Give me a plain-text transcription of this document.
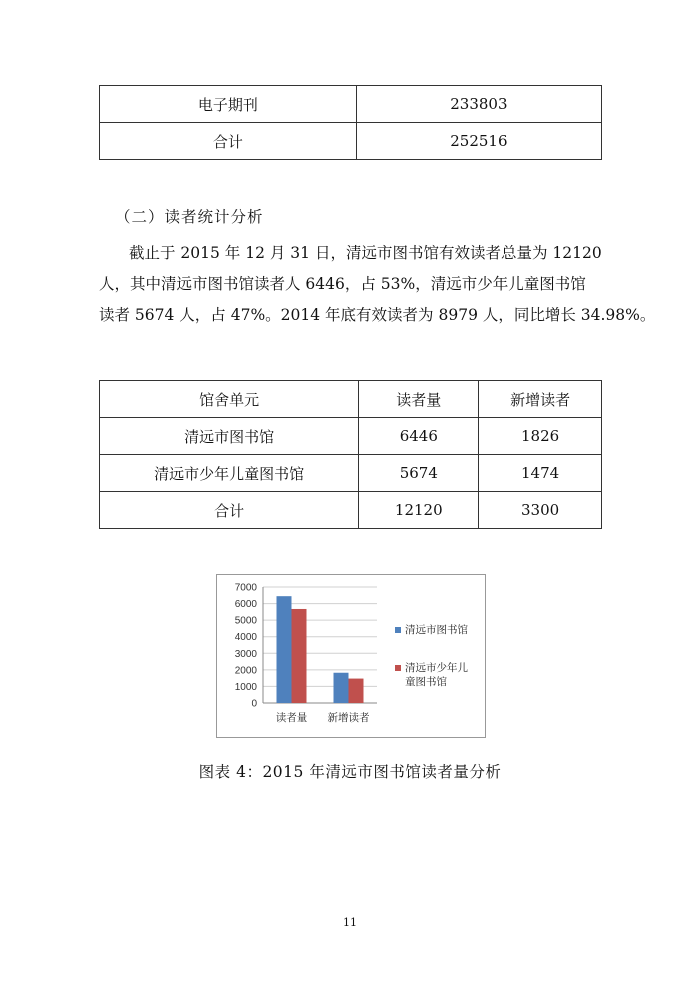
电子期刊	233803
合计	252516
（二）读者统计分析

截止于 2015 年 12 月 31 日，清远市图书馆有效读者总量为 12120
人，其中清远市图书馆读者人 6446，占 53%，清远市少年儿童图书馆
读者 5674 人，占 47%。2014 年底有效读者为 8979 人，同比增长 34.98%。

馆舍单元	读者量	新增读者
清远市图书馆	6446	1826
清远市少年儿童图书馆	5674	1474
合计	12120	3300
0
1000
2000
3000
4000
5000
6000
7000
读者量 新增读者
清远市图书馆
清远市少年儿
童图书馆
图表 4：2015 年清远市图书馆读者量分析
11
